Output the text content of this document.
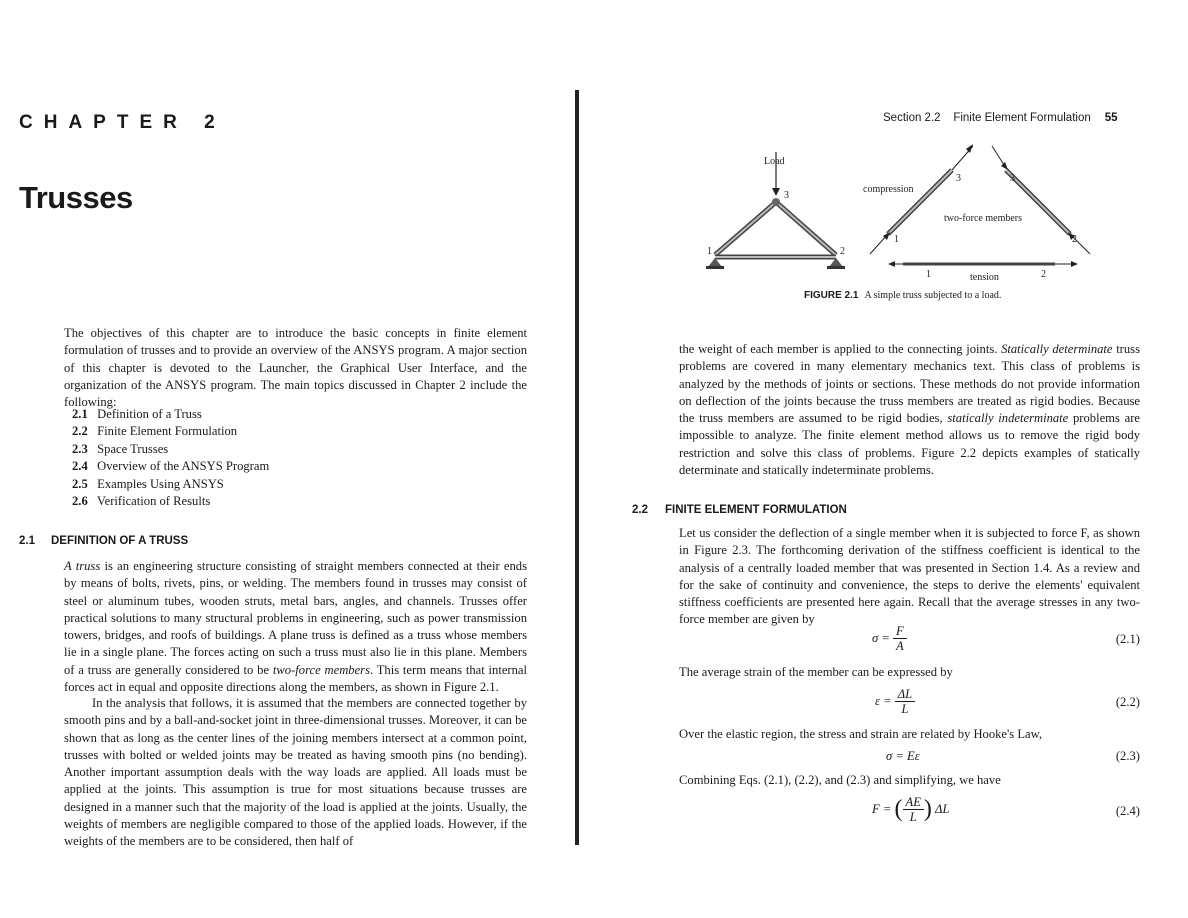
CHAPTER 2
Trusses
The objectives of this chapter are to introduce the basic concepts in finite element formulation of trusses and to provide an overview of the ANSYS program. A major section of this chapter is devoted to the Launcher, the Graphical User Interface, and the organization of the ANSYS program. The main topics discussed in Chapter 2 include the following:
2.1 Definition of a Truss
2.2 Finite Element Formulation
2.3 Space Trusses
2.4 Overview of the ANSYS Program
2.5 Examples Using ANSYS
2.6 Verification of Results
2.1 DEFINITION OF A TRUSS
A truss is an engineering structure consisting of straight members connected at their ends by means of bolts, rivets, pins, or welding. The members found in trusses may consist of steel or aluminum tubes, wooden struts, metal bars, angles, and channels. Trusses offer practical solutions to many structural problems in engineering, such as power transmission towers, bridges, and roofs of buildings. A plane truss is defined as a truss whose members lie in a single plane. The forces acting on such a truss must also lie in this plane. Members of a truss are generally considered to be two-force members. This term means that internal forces act in equal and opposite directions along the members, as shown in Figure 2.1.
In the analysis that follows, it is assumed that the members are connected together by smooth pins and by a ball-and-socket joint in three-dimensional trusses. Moreover, it can be shown that as long as the center lines of the joining members intersect at a common point, trusses with bolted or welded joints may be treated as having smooth pins (no bending). Another important assumption deals with the way loads are applied. All loads must be applied at the joints. This assumption is true for most situations because trusses are designed in a manner such that the majority of the load is applied at the joints. Usually, the weights of members are negligible compared to those of the applied loads. However, if the weights of the members are to be considered, then half of
Section 2.2    Finite Element Formulation 55
Load
3
1	2
compression
3
1
two-force members
3
2
1	tension	2
FIGURE 2.1 A simple truss subjected to a load.
the weight of each member is applied to the connecting joints. Statically determinate truss problems are covered in many elementary mechanics text. This class of problems is analyzed by the methods of joints or sections. These methods do not provide information on deflection of the joints because the truss members are treated as rigid bodies. Because the truss members are assumed to be rigid bodies, statically indeterminate problems are impossible to analyze. The finite element method allows us to remove the rigid body restriction and solve this class of problems. Figure 2.2 depicts examples of statically determinate and statically indeterminate problems.
2.2 FINITE ELEMENT FORMULATION
Let us consider the deflection of a single member when it is subjected to force F, as shown in Figure 2.3. The forthcoming derivation of the stiffness coefficient is identical to the analysis of a centrally loaded member that was presented in Section 1.4. As a review and for the sake of continuity and convenience, the steps to derive the elements' equivalent stiffness coefficients are presented here again. Recall that the average stresses in any two-force member are given by
$\sigma = \frac{F}{A}$	(2.1)
The average strain of the member can be expressed by
$\varepsilon = \frac{\Delta L}{L}$	(2.2)
Over the elastic region, the stress and strain are related by Hooke's Law,
σ = Eε	(2.3)
Combining Eqs. (2.1), (2.2), and (2.3) and simplifying, we have
F = ( $\frac{AE}{L}$ ) ΔL	(2.4)
